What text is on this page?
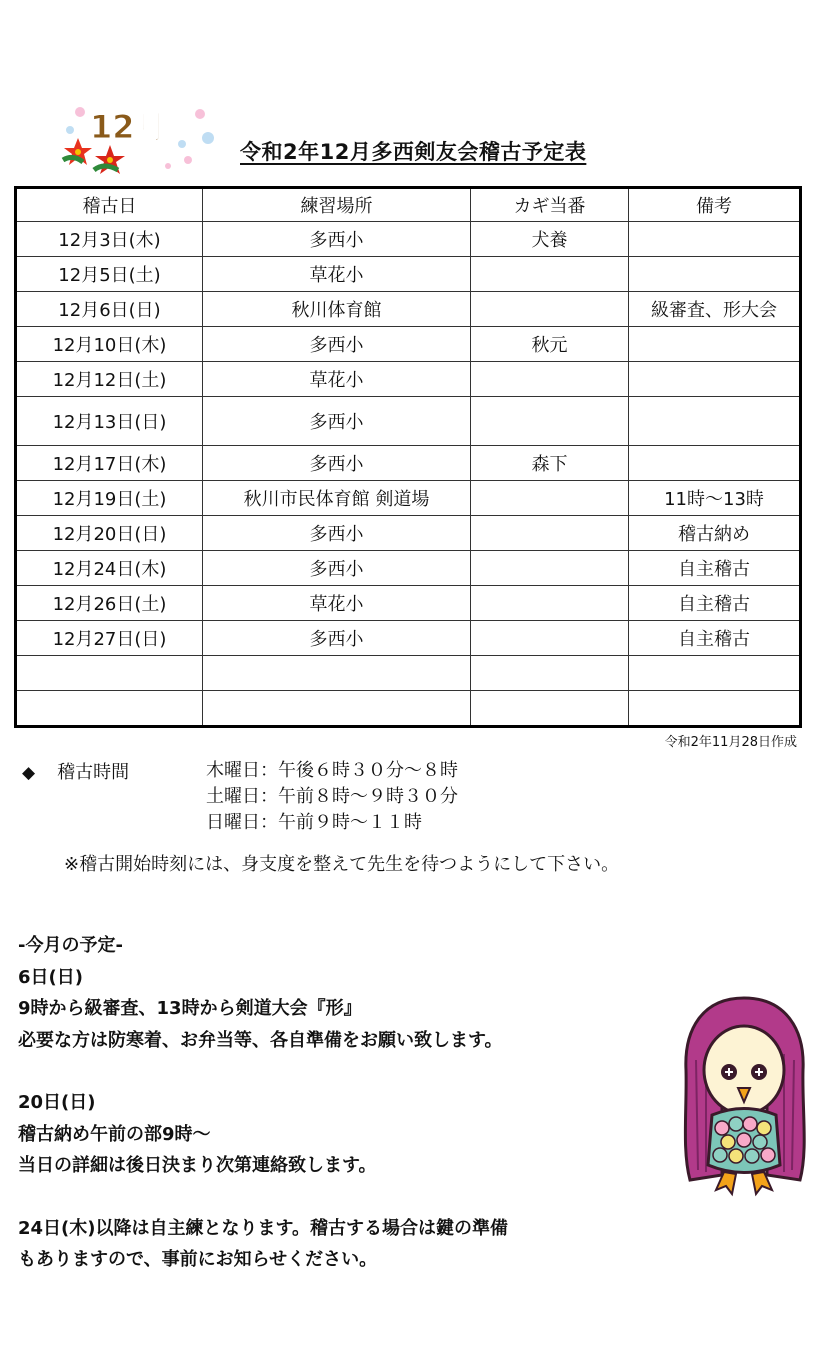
12月
令和2年12月多西剣友会稽古予定表
稽古日	練習場所	カギ当番	備考
12月3日(木)	多西小	犬養	
12月5日(土)	草花小		
12月6日(日)	秋川体育館		級審査、形大会
12月10日(木)	多西小	秋元	
12月12日(土)	草花小		
12月13日(日)	多西小		
12月17日(木)	多西小	森下	
12月19日(土)	秋川市民体育館 剣道場		11時～13時
12月20日(日)	多西小		稽古納め
12月24日(木)	多西小		自主稽古
12月26日(土)	草花小		自主稽古
12月27日(日)	多西小		自主稽古

令和2年11月28日作成
◆ 稽古時間	木曜日：午後６時３０分～８時
土曜日：午前８時～９時３０分
日曜日：午前９時～１１時
※稽古開始時刻には、身支度を整えて先生を待つようにして下さい。
-今月の予定-
6日(日)
9時から級審査、13時から剣道大会『形』
必要な方は防寒着、お弁当等、各自準備をお願い致します。
20日(日)
稽古納め午前の部9時～
当日の詳細は後日決まり次第連絡致します。
24日(木)以降は自主練となります。稽古する場合は鍵の準備
もありますので、事前にお知らせください。
